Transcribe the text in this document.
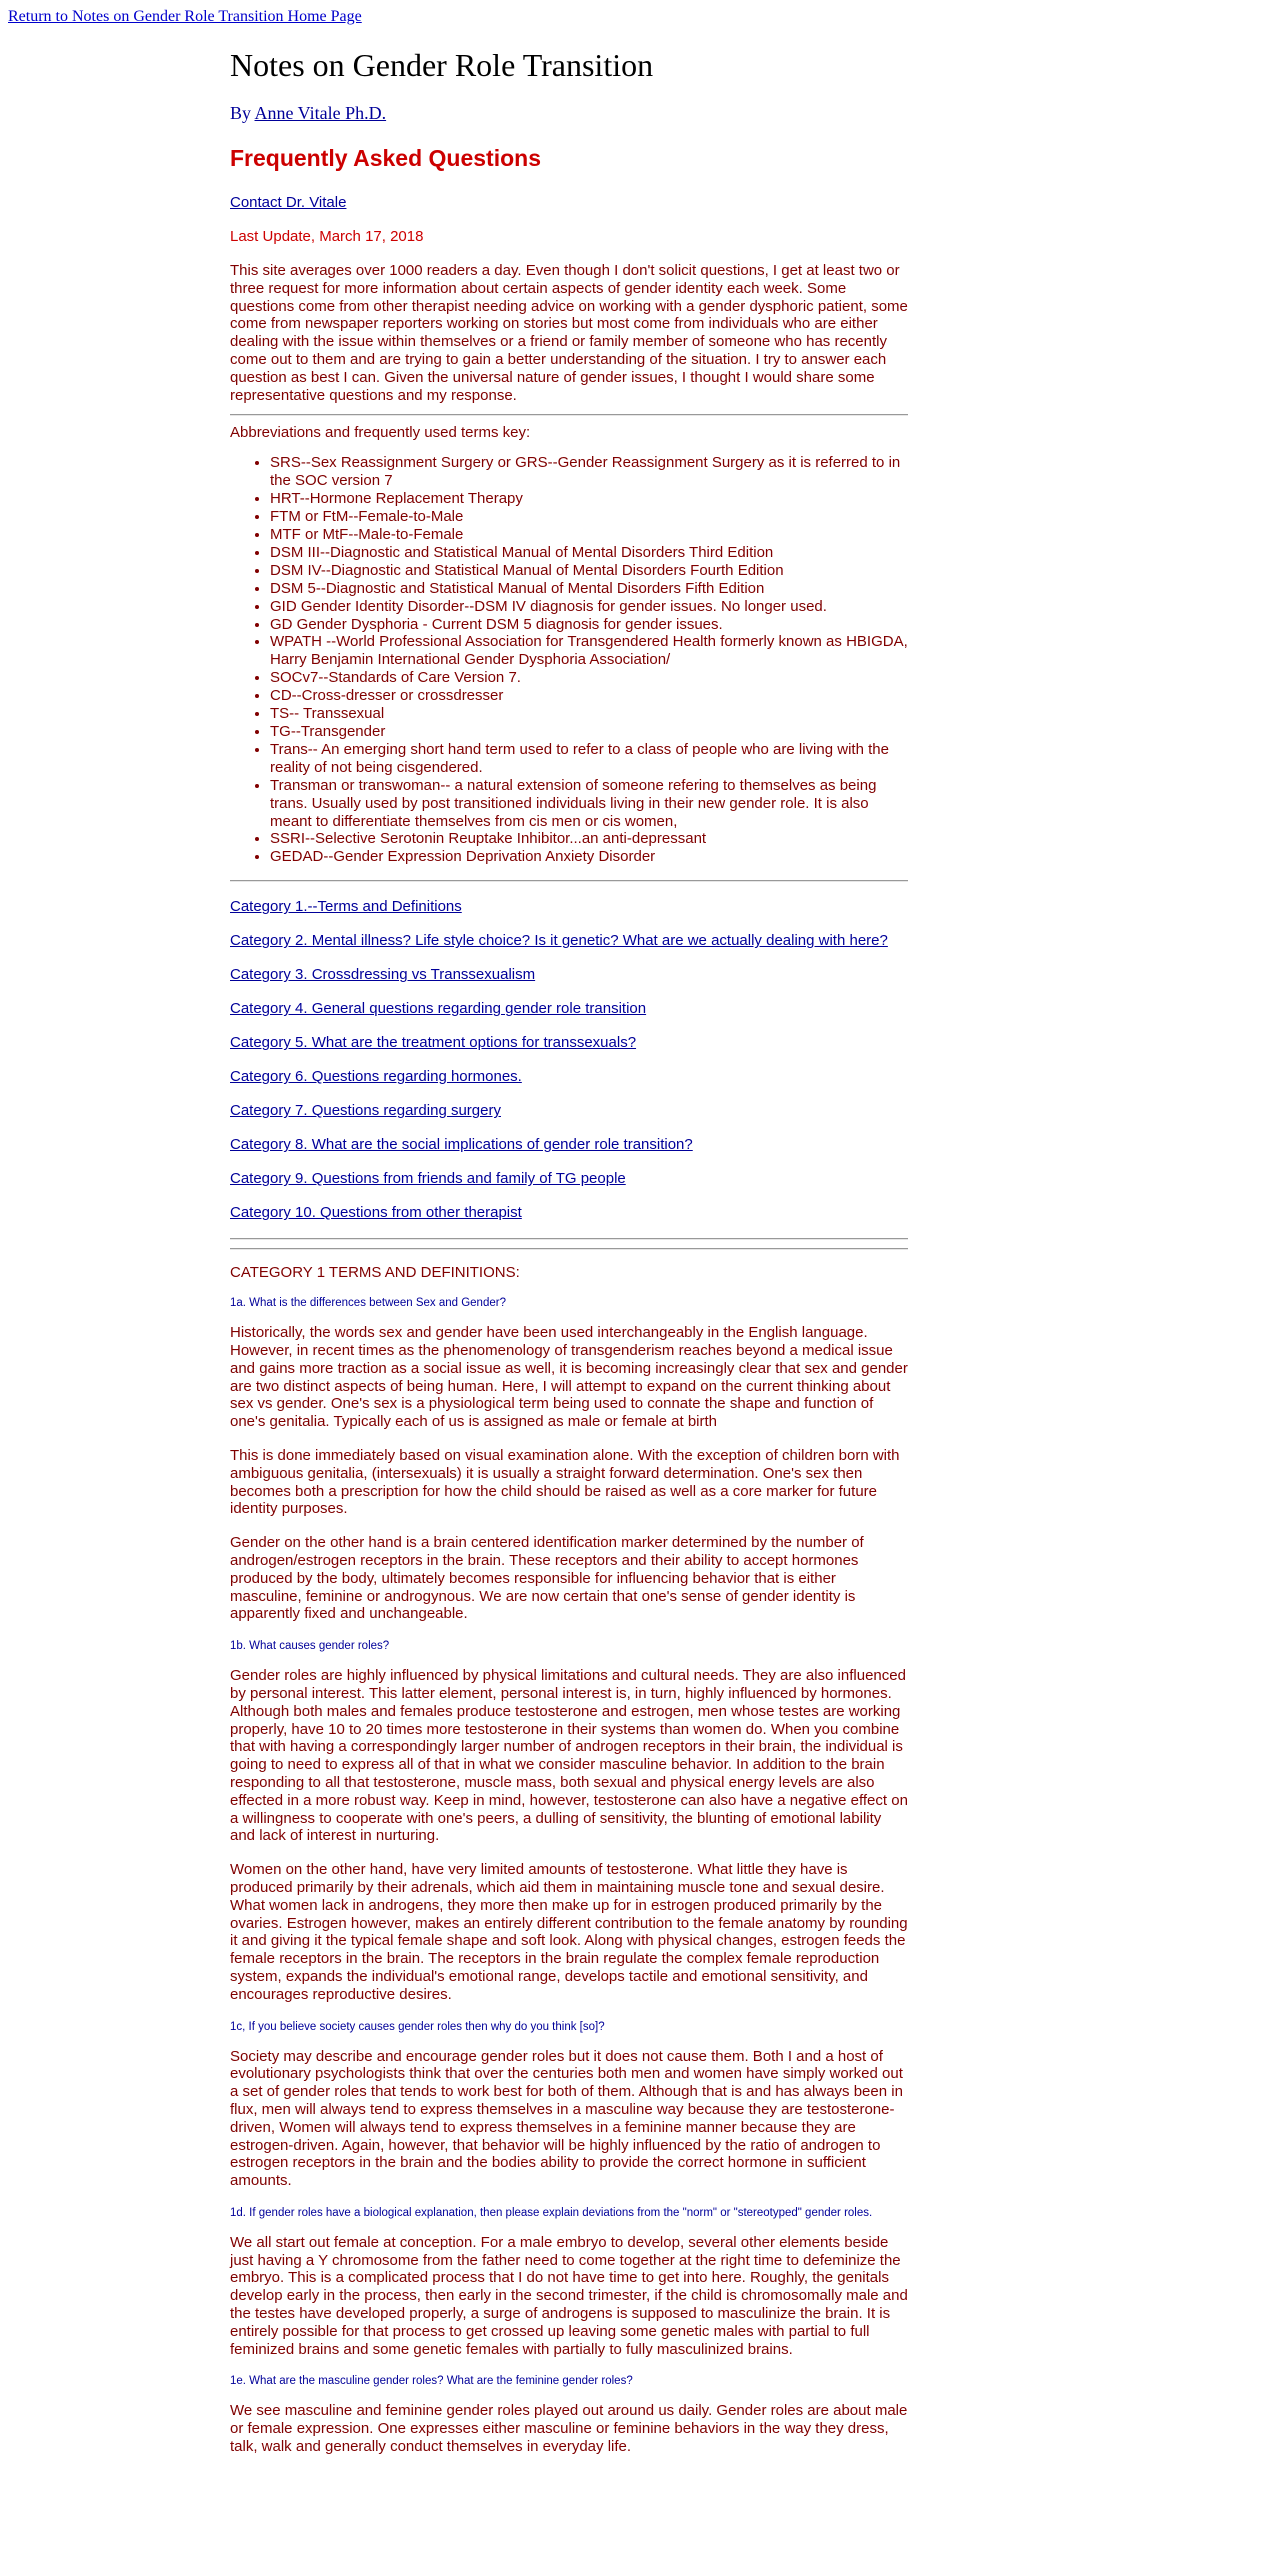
Return to Notes on Gender Role Transition Home Page
Notes on Gender Role Transition
By Anne Vitale Ph.D.
Frequently Asked Questions
Contact Dr. Vitale
Last Update, March 17, 2018

This site averages over 1000 readers a day. Even though I don't solicit questions, I get at least two or three request for more information about certain aspects of gender identity each week. Some questions come from other therapist needing advice on working with a gender dysphoric patient, some come from newspaper reporters working on stories but most come from individuals who are either dealing with the issue within themselves or a friend or family member of someone who has recently come out to them and are trying to gain a better understanding of the situation. I try to answer each question as best I can. Given the universal nature of gender issues, I thought I would share some representative questions and my response.

Abbreviations and frequently used terms key:
• SRS--Sex Reassignment Surgery or GRS--Gender Reassignment Surgery as it is referred to in the SOC version 7
• HRT--Hormone Replacement Therapy
• FTM or FtM--Female-to-Male
• MTF or MtF--Male-to-Female
• DSM III--Diagnostic and Statistical Manual of Mental Disorders Third Edition
• DSM IV--Diagnostic and Statistical Manual of Mental Disorders Fourth Edition
• DSM 5--Diagnostic and Statistical Manual of Mental Disorders Fifth Edition
• GID Gender Identity Disorder--DSM IV diagnosis for gender issues. No longer used.
• GD Gender Dysphoria - Current DSM 5 diagnosis for gender issues.
• WPATH --World Professional Association for Transgendered Health formerly known as HBIGDA, Harry Benjamin International Gender Dysphoria Association/
• SOCv7--Standards of Care Version 7.
• CD--Cross-dresser or crossdresser
• TS-- Transsexual
• TG--Transgender
• Trans-- An emerging short hand term used to refer to a class of people who are living with the reality of not being cisgendered.
• Transman or transwoman-- a natural extension of someone refering to themselves as being trans. Usually used by post transitioned individuals living in their new gender role. It is also meant to differentiate themselves from cis men or cis women,
• SSRI--Selective Serotonin Reuptake Inhibitor...an anti-depressant
• GEDAD--Gender Expression Deprivation Anxiety Disorder
Category 1.--Terms and Definitions
Category 2. Mental illness? Life style choice? Is it genetic? What are we actually dealing with here?
Category 3. Crossdressing vs Transsexualism
Category 4. General questions regarding gender role transition
Category 5. What are the treatment options for transsexuals?
Category 6. Questions regarding hormones.
Category 7. Questions regarding surgery
Category 8. What are the social implications of gender role transition?
Category 9. Questions from friends and family of TG people
Category 10. Questions from other therapist
CATEGORY 1 TERMS AND DEFINITIONS:
1a. What is the differences between Sex and Gender?

Historically, the words sex and gender have been used interchangeably in the English language. However, in recent times as the phenomenology of transgenderism reaches beyond a medical issue and gains more traction as a social issue as well, it is becoming increasingly clear that sex and gender are two distinct aspects of being human. Here, I will attempt to expand on the current thinking about sex vs gender. One's sex is a physiological term being used to connate the shape and function of one's genitalia. Typically each of us is assigned as male or female at birth

This is done immediately based on visual examination alone. With the exception of children born with ambiguous genitalia, (intersexuals) it is usually a straight forward determination. One's sex then becomes both a prescription for how the child should be raised as well as a core marker for future identity purposes.

Gender on the other hand is a brain centered identification marker determined by the number of androgen/estrogen receptors in the brain. These receptors and their ability to accept hormones produced by the body, ultimately becomes responsible for influencing behavior that is either masculine, feminine or androgynous. We are now certain that one's sense of gender identity is apparently fixed and unchangeable.

1b. What causes gender roles?

Gender roles are highly influenced by physical limitations and cultural needs. They are also influenced by personal interest. This latter element, personal interest is, in turn, highly influenced by hormones. Although both males and females produce testosterone and estrogen, men whose testes are working properly, have 10 to 20 times more testosterone in their systems than women do. When you combine that with having a correspondingly larger number of androgen receptors in their brain, the individual is going to need to express all of that in what we consider masculine behavior. In addition to the brain responding to all that testosterone, muscle mass, both sexual and physical energy levels are also effected in a more robust way. Keep in mind, however, testosterone can also have a negative effect on a willingness to cooperate with one's peers, a dulling of sensitivity, the blunting of emotional lability and lack of interest in nurturing.

Women on the other hand, have very limited amounts of testosterone. What little they have is produced primarily by their adrenals, which aid them in maintaining muscle tone and sexual desire. What women lack in androgens, they more then make up for in estrogen produced primarily by the ovaries. Estrogen however, makes an entirely different contribution to the female anatomy by rounding it and giving it the typical female shape and soft look. Along with physical changes, estrogen feeds the female receptors in the brain. The receptors in the brain regulate the complex female reproduction system, expands the individual's emotional range, develops tactile and emotional sensitivity, and encourages reproductive desires.

1c, If you believe society causes gender roles then why do you think [so]?

Society may describe and encourage gender roles but it does not cause them. Both I and a host of evolutionary psychologists think that over the centuries both men and women have simply worked out a set of gender roles that tends to work best for both of them. Although that is and has always been in flux, men will always tend to express themselves in a masculine way because they are testosterone-driven, Women will always tend to express themselves in a feminine manner because they are estrogen-driven. Again, however, that behavior will be highly influenced by the ratio of androgen to estrogen receptors in the brain and the bodies ability to provide the correct hormone in sufficient amounts.

1d. If gender roles have a biological explanation, then please explain deviations from the "norm" or "stereotyped" gender roles.

We all start out female at conception. For a male embryo to develop, several other elements beside just having a Y chromosome from the father need to come together at the right time to defeminize the embryo. This is a complicated process that I do not have time to get into here. Roughly, the genitals develop early in the process, then early in the second trimester, if the child is chromosomally male and the testes have developed properly, a surge of androgens is supposed to masculinize the brain. It is entirely possible for that process to get crossed up leaving some genetic males with partial to full feminized brains and some genetic females with partially to fully masculinized brains.

1e. What are the masculine gender roles? What are the feminine gender roles?

We see masculine and feminine gender roles played out around us daily. Gender roles are about male or female expression. One expresses either masculine or feminine behaviors in the way they dress, talk, walk and generally conduct themselves in everyday life.
